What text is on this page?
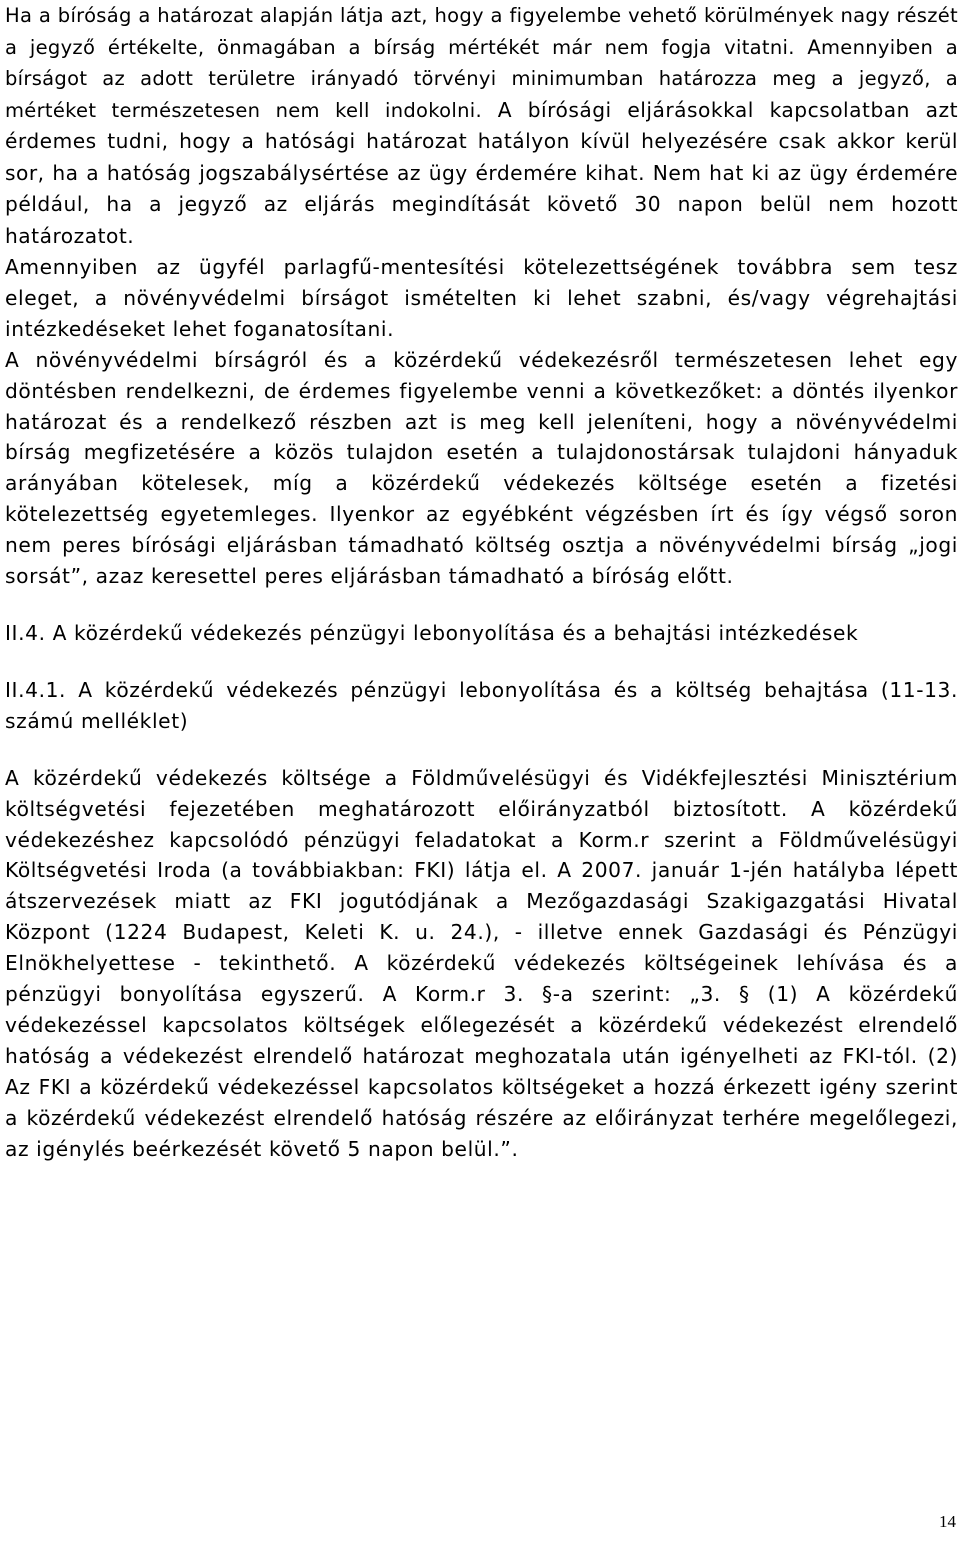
Ha a bíróság a határozat alapján látja azt, hogy a figyelembe vehető körülmények nagy részét a jegyző értékelte, önmagában a bírság mértékét már nem fogja vitatni. Amennyiben a bírságot az adott területre irányadó törvényi minimumban határozza meg a jegyző, a mértéket természetesen nem kell indokolni. A bírósági eljárásokkal kapcsolatban azt érdemes tudni, hogy a hatósági határozat hatályon kívül helyezésére csak akkor kerül sor, ha a hatóság jogszabálysértése az ügy érdemére kihat. Nem hat ki az ügy érdemére például, ha a jegyző az eljárás megindítását követő 30 napon belül nem hozott határozatot.

Amennyiben az ügyfél parlagfű-mentesítési kötelezettségének továbbra sem tesz eleget, a növényvédelmi bírságot ismételten ki lehet szabni, és/vagy végrehajtási intézkedéseket lehet foganatosítani.

A növényvédelmi bírságról és a közérdekű védekezésről természetesen lehet egy döntésben rendelkezni, de érdemes figyelembe venni a következőket: a döntés ilyenkor határozat és a rendelkező részben azt is meg kell jeleníteni, hogy a növényvédelmi bírság megfizetésére a közös tulajdon esetén a tulajdonostársak tulajdoni hányaduk arányában kötelesek, míg a közérdekű védekezés költsége esetén a fizetési kötelezettség egyetemleges. Ilyenkor az egyébként végzésben írt és így végső soron nem peres bírósági eljárásban támadható költség osztja a növényvédelmi bírság „jogi sorsát”, azaz keresettel peres eljárásban támadható a bíróság előtt.

II.4. A közérdekű védekezés pénzügyi lebonyolítása és a behajtási intézkedések

II.4.1. A közérdekű védekezés pénzügyi lebonyolítása és a költség behajtása (11-13. számú melléklet)

A közérdekű védekezés költsége a Földművelésügyi és Vidékfejlesztési Minisztérium költségvetési fejezetében meghatározott előirányzatból biztosított. A közérdekű védekezéshez kapcsolódó pénzügyi feladatokat a Korm.r szerint a Földművelésügyi Költségvetési Iroda (a továbbiakban: FKI) látja el. A 2007. január 1-jén hatályba lépett átszervezések miatt az FKI jogutódjának a Mezőgazdasági Szakigazgatási Hivatal Központ (1224 Budapest, Keleti K. u. 24.), - illetve ennek Gazdasági és Pénzügyi Elnökhelyettese - tekinthető. A közérdekű védekezés költségeinek lehívása és a pénzügyi bonyolítása egyszerű. A Korm.r 3. §-a szerint: „3. § (1) A közérdekű védekezéssel kapcsolatos költségek előlegezését a közérdekű védekezést elrendelő hatóság a védekezést elrendelő határozat meghozatala után igényelheti az FKI-tól. (2) Az FKI a közérdekű védekezéssel kapcsolatos költségeket a hozzá érkezett igény szerint a közérdekű védekezést elrendelő hatóság részére az előirányzat terhére megelőlegezi, az igénylés beérkezését követő 5 napon belül.”.

14
